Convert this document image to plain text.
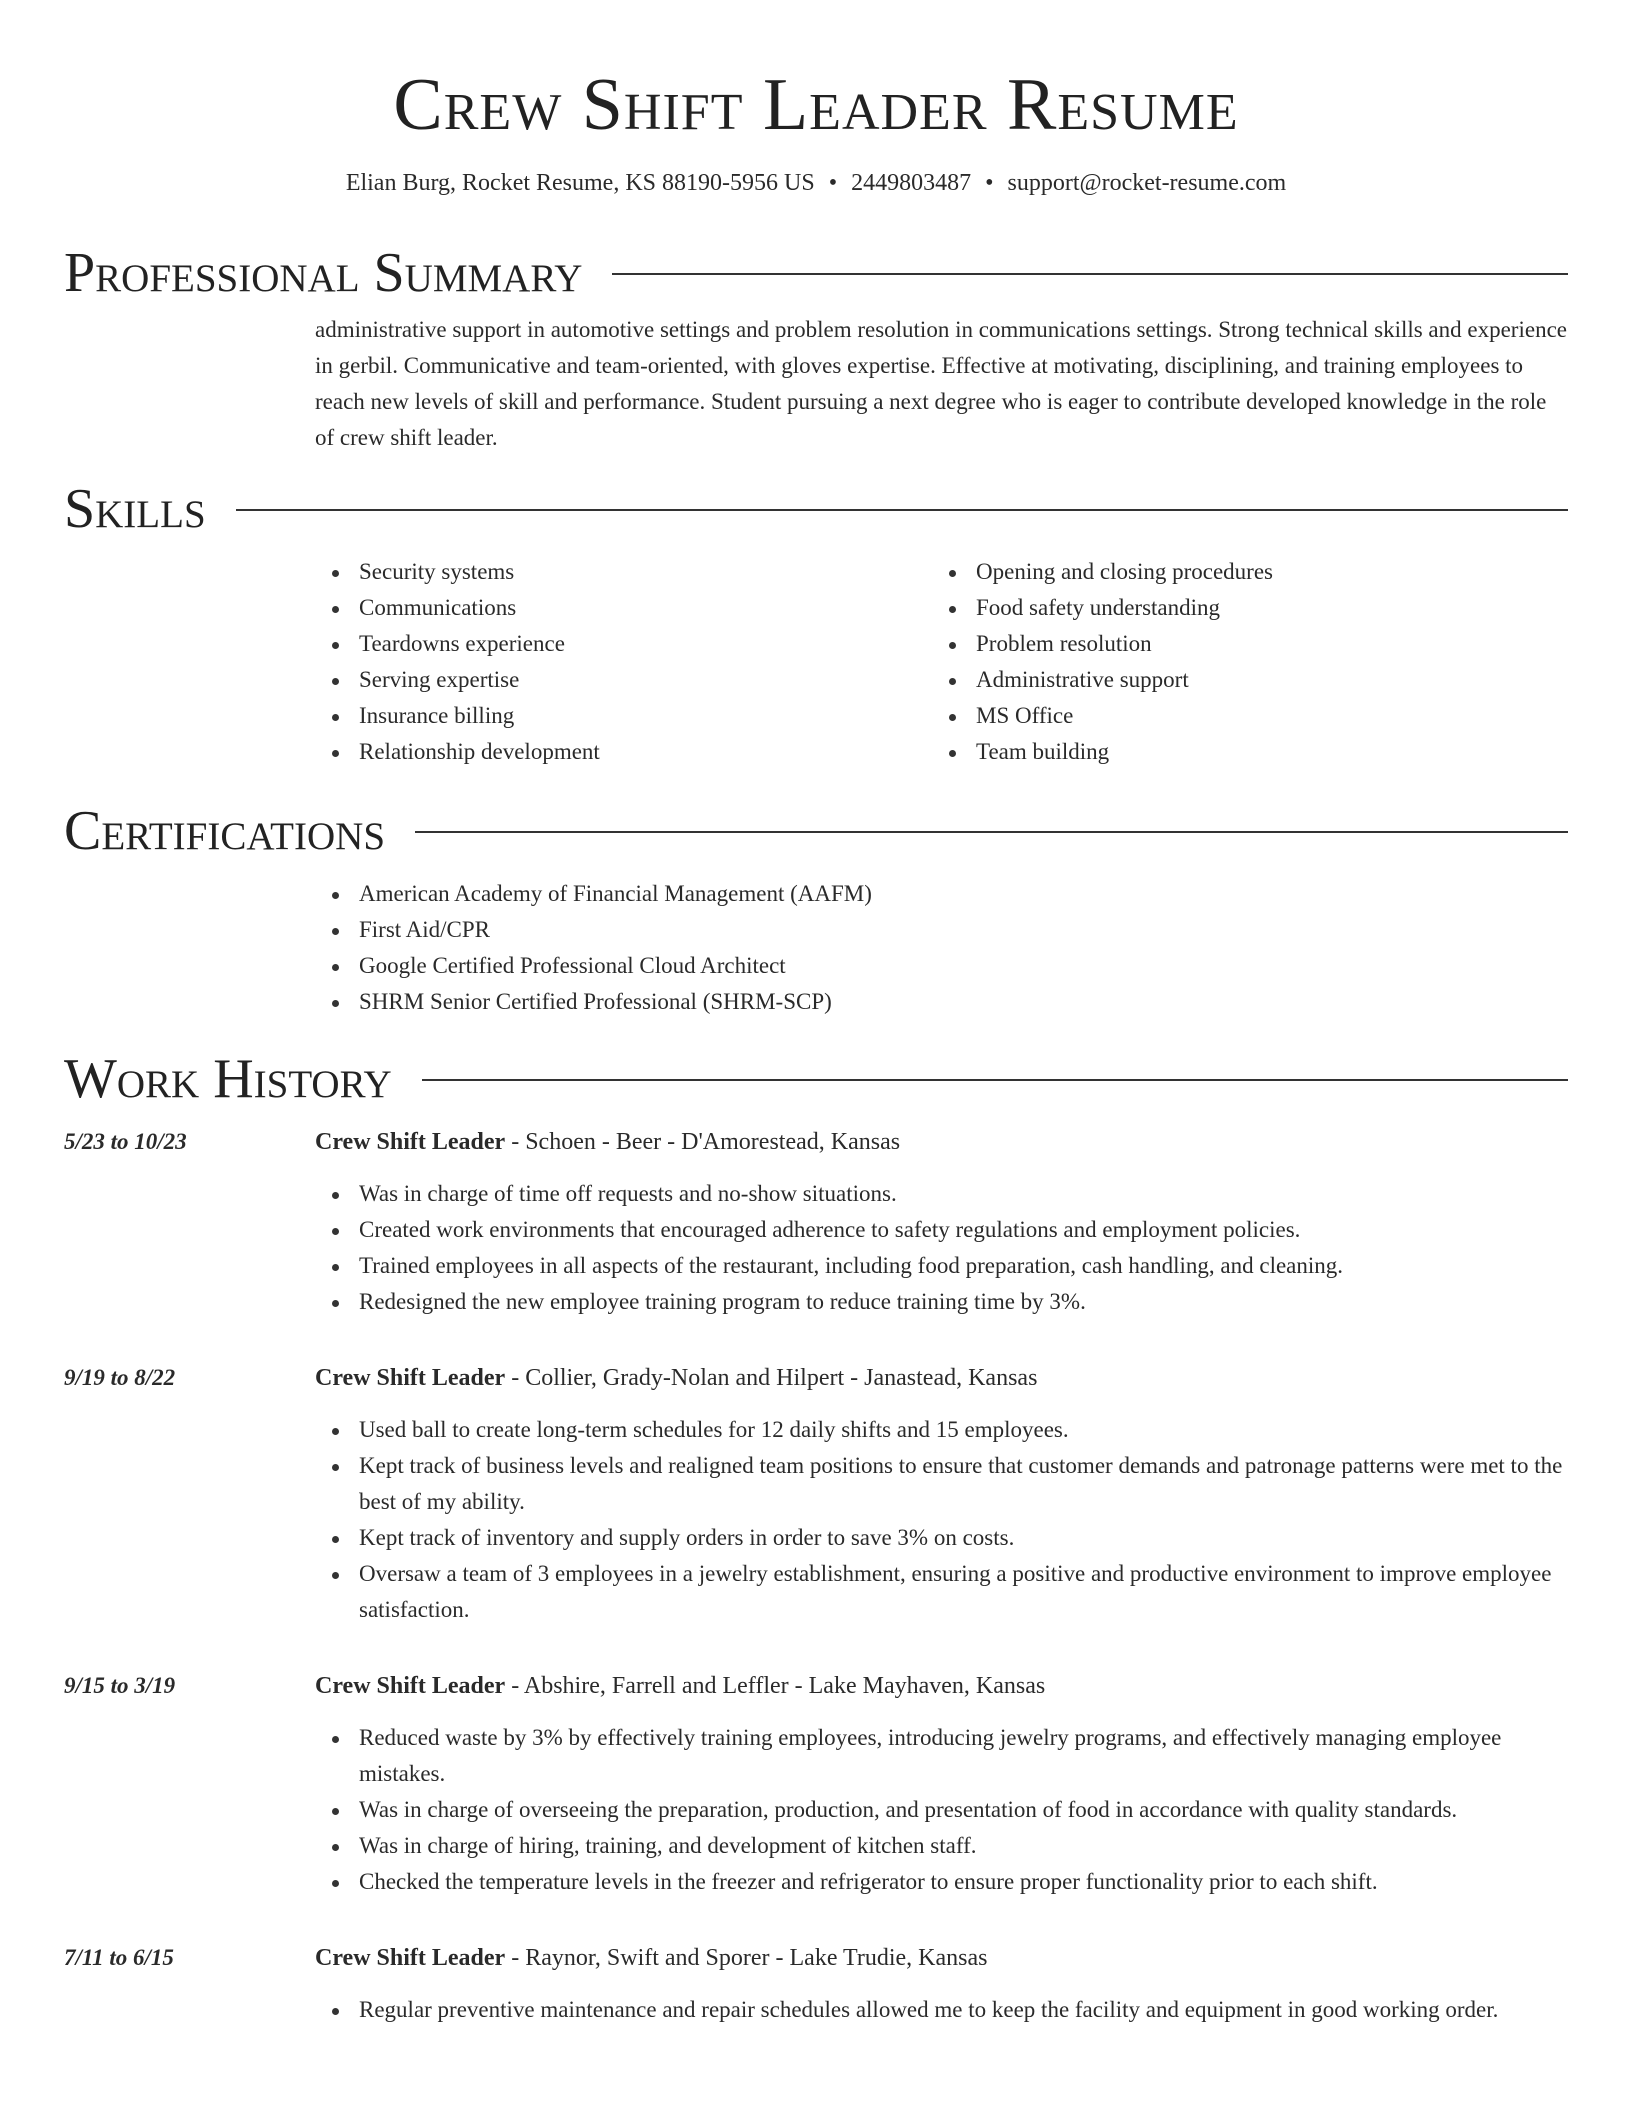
Crew Shift Leader Resume
Elian Burg, Rocket Resume, KS 88190-5956 US • 2449803487 • support@rocket-resume.com
Professional Summary

administrative support in automotive settings and problem resolution in communications settings. Strong technical skills and experience in gerbil. Communicative and team-oriented, with gloves expertise. Effective at motivating, disciplining, and training employees to reach new levels of skill and performance. Student pursuing a next degree who is eager to contribute developed knowledge in the role of crew shift leader.

Skills
Security systems
Communications
Teardowns experience
Serving expertise
Insurance billing
Relationship development
Opening and closing procedures
Food safety understanding
Problem resolution
Administrative support
MS Office
Team building
Certifications
American Academy of Financial Management (AAFM)
First Aid/CPR
Google Certified Professional Cloud Architect
SHRM Senior Certified Professional (SHRM-SCP)
Work History
5/23 to 10/23	Crew Shift Leader - Schoen - Beer - D'Amorestead, Kansas
Was in charge of time off requests and no-show situations.
Created work environments that encouraged adherence to safety regulations and employment policies.
Trained employees in all aspects of the restaurant, including food preparation, cash handling, and cleaning.
Redesigned the new employee training program to reduce training time by 3%.
9/19 to 8/22	Crew Shift Leader - Collier, Grady-Nolan and Hilpert - Janastead, Kansas
Used ball to create long-term schedules for 12 daily shifts and 15 employees.
Kept track of business levels and realigned team positions to ensure that customer demands and patronage patterns were met to the best of my ability.
Kept track of inventory and supply orders in order to save 3% on costs.
Oversaw a team of 3 employees in a jewelry establishment, ensuring a positive and productive environment to improve employee satisfaction.
9/15 to 3/19	Crew Shift Leader - Abshire, Farrell and Leffler - Lake Mayhaven, Kansas
Reduced waste by 3% by effectively training employees, introducing jewelry programs, and effectively managing employee mistakes.
Was in charge of overseeing the preparation, production, and presentation of food in accordance with quality standards.
Was in charge of hiring, training, and development of kitchen staff.
Checked the temperature levels in the freezer and refrigerator to ensure proper functionality prior to each shift.
7/11 to 6/15	Crew Shift Leader - Raynor, Swift and Sporer - Lake Trudie, Kansas
Regular preventive maintenance and repair schedules allowed me to keep the facility and equipment in good working order.
